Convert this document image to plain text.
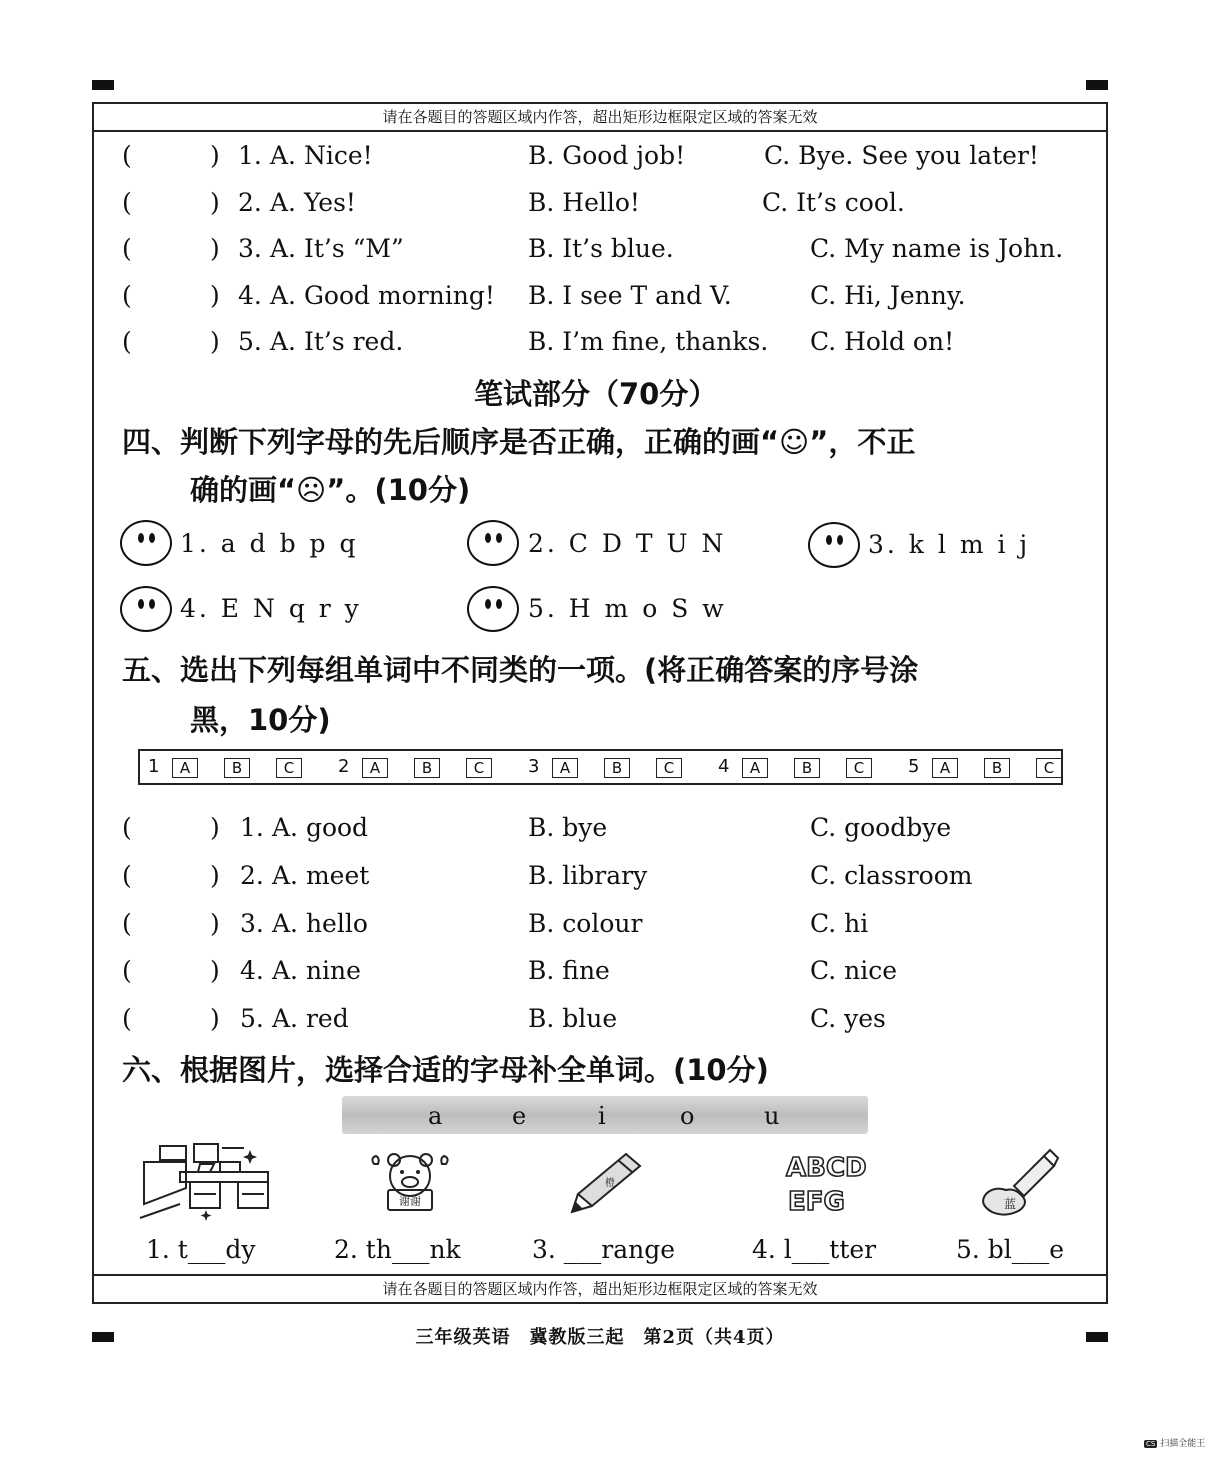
请在各题目的答题区域内作答，超出矩形边框限定区域的答案无效
请在各题目的答题区域内作答，超出矩形边框限定区域的答案无效
(	) 1. A. Nice!	B. Good job!	C. Bye. See you later!
(	) 2. A. Yes!	B. Hello!	C. It’s cool.
(	) 3. A. It’s “M”	B. It’s blue.	C. My name is John.
(	) 4. A. Good morning! B. I see T and V.	C. Hi, Jenny.
(	) 5. A. It’s red.	B. I’m fine, thanks. C. Hold on!
笔试部分（70分）
四、判断下列字母的先后顺序是否正确，正确的画“☺”，不正
确的画“☹”。(10分)
1. a d b p q	2. C D T U N	3. k l m i j
4. E N q r y	5. H m o S w
五、选出下列每组单词中不同类的一项。(将正确答案的序号涂
黑，10分)
1	A	B	C	2	A	B	C	3	A	B	C	4	A	B	C	5	A	B	C
(	) 1. A. good	B. bye	C. goodbye
(	) 2. A. meet	B. library	C. classroom
(	) 3. A. hello	B. colour	C. hi
(	) 4. A. nine	B. fine	C. nice
(	) 5. A. red	B. blue	C. yes
六、根据图片，选择合适的字母补全单词。(10分)
a	e	i	o	u
谢谢
橙
ABCD
EFG	蓝
1. t___dy	2. th___nk	3. ___range	4. l___tter	5. bl___e
三年级英语　冀教版三起　第2页（共4页）
CS 扫描全能王
